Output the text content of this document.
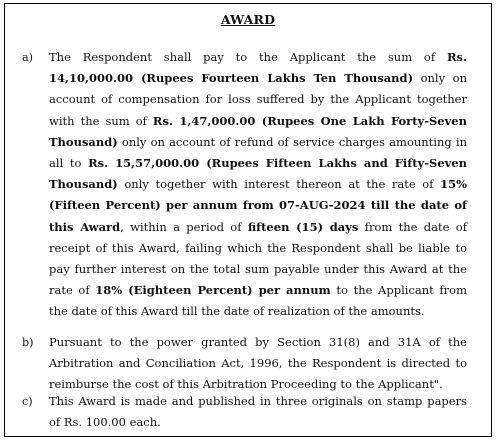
AWARD
a) The Respondent shall pay to the Applicant the sum of Rs. 14,10,000.00 (Rupees Fourteen Lakhs Ten Thousand) only on account of compensation for loss suffered by the Applicant together with the sum of Rs. 1,47,000.00 (Rupees One Lakh Forty-Seven Thousand) only on account of refund of service charges amounting in all to Rs. 15,57,000.00 (Rupees Fifteen Lakhs and Fifty-Seven Thousand) only together with interest thereon at the rate of 15% (Fifteen Percent) per annum from 07-AUG-2024 till the date of this Award, within a period of fifteen (15) days from the date of receipt of this Award, failing which the Respondent shall be liable to pay further interest on the total sum payable under this Award at the rate of 18% (Eighteen Percent) per annum to the Applicant from the date of this Award till the date of realization of the amounts.
b) Pursuant to the power granted by Section 31(8) and 31A of the Arbitration and Conciliation Act, 1996, the Respondent is directed to reimburse the cost of this Arbitration Proceeding to the Applicant".
c) This Award is made and published in three originals on stamp papers of Rs. 100.00 each.
